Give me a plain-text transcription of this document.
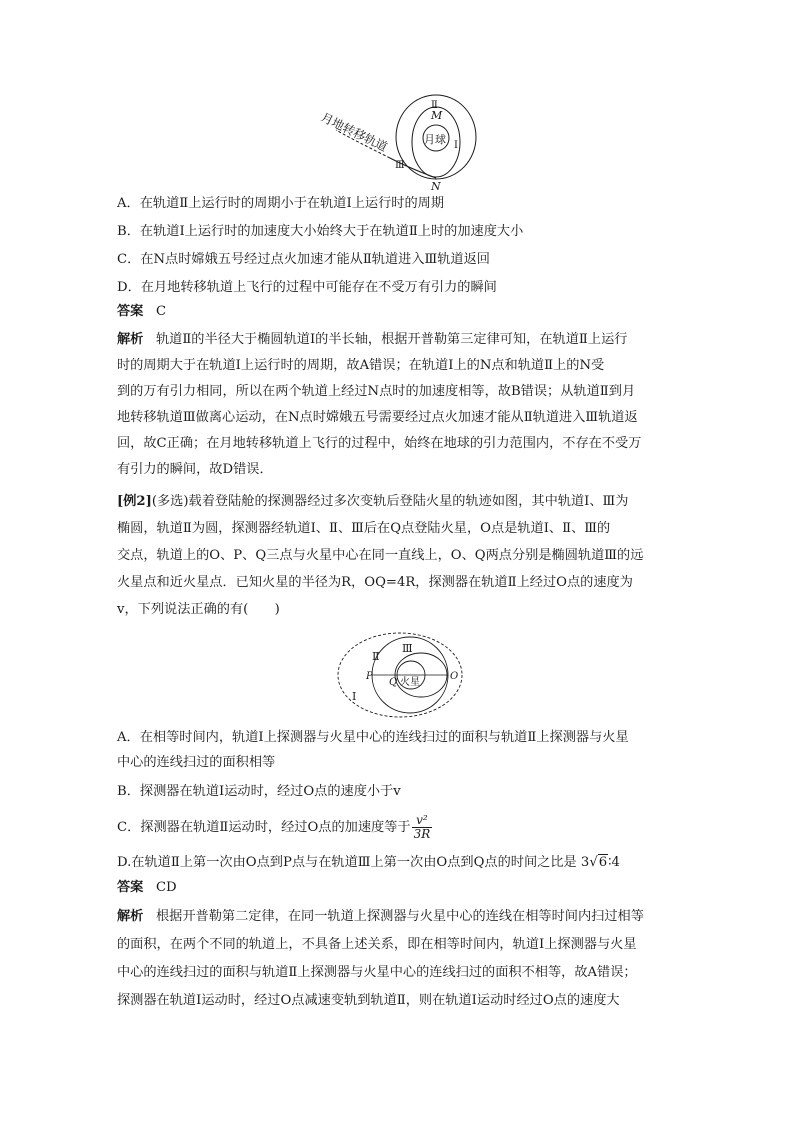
月地转移轨道	月球
M
N
Ⅱ
Ⅰ
Ⅲ
A．在轨道Ⅱ上运行时的周期小于在轨道Ⅰ上运行时的周期
B．在轨道Ⅰ上运行时的加速度大小始终大于在轨道Ⅱ上时的加速度大小
C．在N点时嫦娥五号经过点火加速才能从Ⅱ轨道进入Ⅲ轨道返回
D．在月地转移轨道上飞行的过程中可能存在不受万有引力的瞬间
答案 C
解析 轨道Ⅱ的半径大于椭圆轨道Ⅰ的半长轴，根据开普勒第三定律可知，在轨道Ⅱ上运行
时的周期大于在轨道Ⅰ上运行时的周期，故A错误；在轨道Ⅰ上的N点和轨道Ⅱ上的N受
到的万有引力相同，所以在两个轨道上经过N点时的加速度相等，故B错误；从轨道Ⅱ到月
地转移轨道Ⅲ做离心运动，在N点时嫦娥五号需要经过点火加速才能从Ⅱ轨道进入Ⅲ轨道返
回，故C正确；在月地转移轨道上飞行的过程中，始终在地球的引力范围内，不存在不受万
有引力的瞬间，故D错误．
[例2](多选)载着登陆舱的探测器经过多次变轨后登陆火星的轨迹如图，其中轨道Ⅰ、Ⅲ为
椭圆，轨道Ⅱ为圆，探测器经轨道Ⅰ、Ⅱ、Ⅲ后在Q点登陆火星，O点是轨道Ⅰ、Ⅱ、Ⅲ的
交点，轨道上的O、P、Q三点与火星中心在同一直线上，O、Q两点分别是椭圆轨道Ⅲ的远
火星点和近火星点．已知火星的半径为R，OQ=4R，探测器在轨道Ⅱ上经过O点的速度为
v，下列说法正确的有(　　)
Ⅱ
Ⅲ
Ⅰ
P
Q
O
火星
A．在相等时间内，轨道Ⅰ上探测器与火星中心的连线扫过的面积与轨道Ⅱ上探测器与火星
中心的连线扫过的面积相等
B．探测器在轨道Ⅰ运动时，经过O点的速度小于v
C．探测器在轨道Ⅱ运动时，经过O点的加速度等于 $\frac{\text{v²}}{3R}$
D.在轨道Ⅱ上第一次由O点到P点与在轨道Ⅲ上第一次由O点到Q点的时间之比是 3√6∶4
答案 CD
解析 根据开普勒第二定律，在同一轨道上探测器与火星中心的连线在相等时间内扫过相等
的面积，在两个不同的轨道上，不具备上述关系，即在相等时间内，轨道Ⅰ上探测器与火星
中心的连线扫过的面积与轨道Ⅱ上探测器与火星中心的连线扫过的面积不相等，故A错误；
探测器在轨道Ⅰ运动时，经过O点减速变轨到轨道Ⅱ，则在轨道Ⅰ运动时经过O点的速度大
